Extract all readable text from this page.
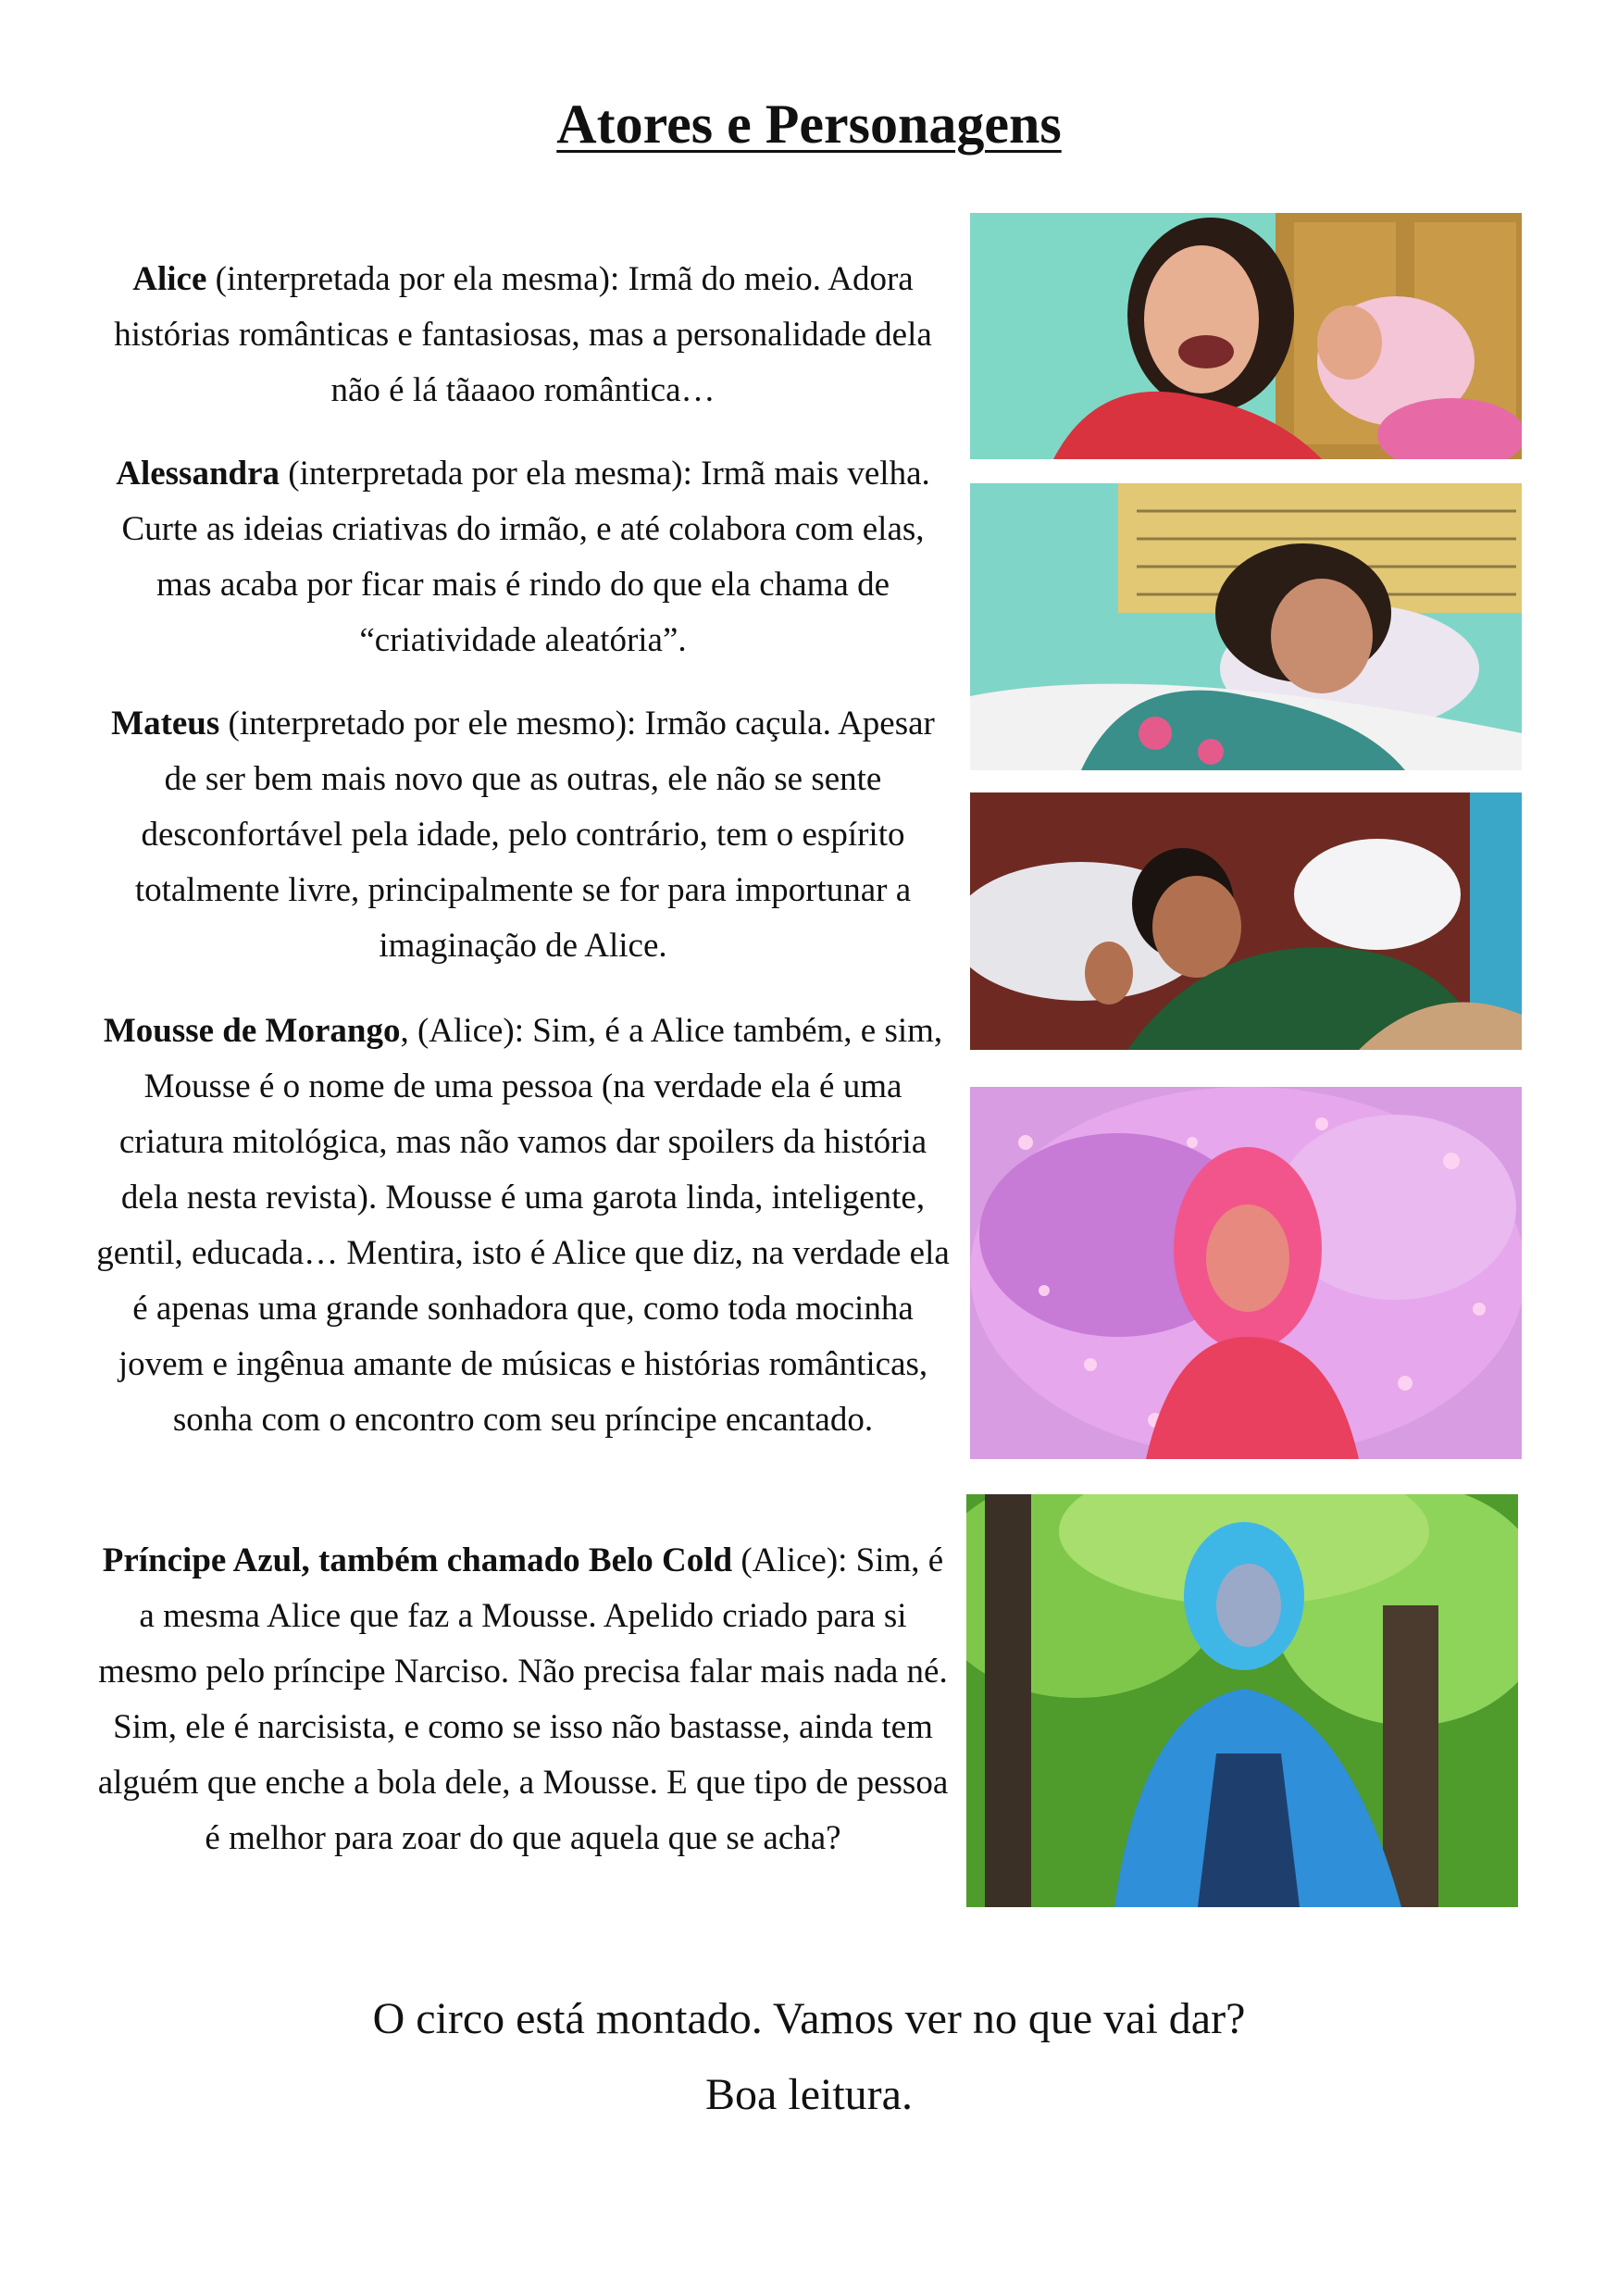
Atores e Personagens

Alice (interpretada por ela mesma): Irmã do meio. Adora histórias românticas e fantasiosas, mas a personalidade dela não é lá tãaaoo romântica…

Alessandra (interpretada por ela mesma): Irmã mais velha. Curte as ideias criativas do irmão, e até colabora com elas, mas acaba por ficar mais é rindo do que ela chama de “criatividade aleatória”.

Mateus (interpretado por ele mesmo): Irmão caçula. Apesar de ser bem mais novo que as outras, ele não se sente desconfortável pela idade, pelo contrário, tem o espírito totalmente livre, principalmente se for para importunar a imaginação de Alice.

Mousse de Morango, (Alice): Sim, é a Alice também, e sim, Mousse é o nome de uma pessoa (na verdade ela é uma criatura mitológica, mas não vamos dar spoilers da história dela nesta revista). Mousse é uma garota linda, inteligente, gentil, educada… Mentira, isto é Alice que diz, na verdade ela é apenas uma grande sonhadora que, como toda mocinha jovem e ingênua amante de músicas e histórias românticas, sonha com o encontro com seu príncipe encantado.

Príncipe Azul, também chamado Belo Cold (Alice): Sim, é a mesma Alice que faz a Mousse. Apelido criado para si mesmo pelo príncipe Narciso. Não precisa falar mais nada né. Sim, ele é narcisista, e como se isso não bastasse, ainda tem alguém que enche a bola dele, a Mousse. E que tipo de pessoa é melhor para zoar do que aquela que se acha?

O circo está montado. Vamos ver no que vai dar?

Boa leitura.
